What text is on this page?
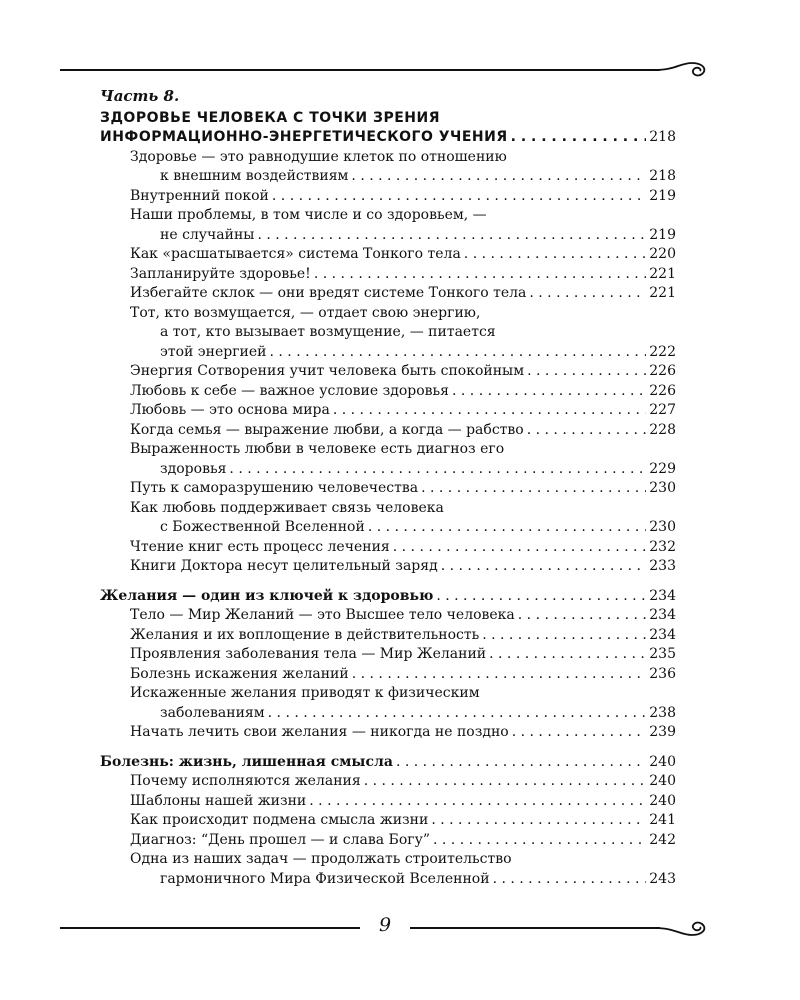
Часть 8.
ЗДОРОВЬЕ ЧЕЛОВЕКА С ТОЧКИ ЗРЕНИЯ
ИНФОРМАЦИОННО-ЭНЕРГЕТИЧЕСКОГО УЧЕНИЯ . . .	218
Здоровье — это равнодушие клеток по отношению
к внешним воздействиям . . .	218
Внутренний покой . . .	219
Наши проблемы, в том числе и со здоровьем, —
не случайны . . .	219
Как «расшатывается» система Тонкого тела . . .	220
Запланируйте здоровье! . . .	221
Избегайте склок — они вредят системе Тонкого тела . . .	221
Тот, кто возмущается, — отдает свою энергию,
а тот, кто вызывает возмущение, — питается
этой энергией . . .	222
Энергия Сотворения учит человека быть спокойным . . .	226
Любовь к себе — важное условие здоровья . . .	226
Любовь — это основа мира . . .	227
Когда семья — выражение любви, а когда — рабство . . .	228
Выраженность любви в человеке есть диагноз его
здоровья . . .	229
Путь к саморазрушению человечества . . .	230
Как любовь поддерживает связь человека
с Божественной Вселенной . . .	230
Чтение книг есть процесс лечения . . .	232
Книги Доктора несут целительный заряд . . .	233
Желания — один из ключей к здоровью . . .	234
Тело — Мир Желаний — это Высшее тело человека . . .	234
Желания и их воплощение в действительность . . .	234
Проявления заболевания тела — Мир Желаний . . .	235
Болезнь искажения желаний . . .	236
Искаженные желания приводят к физическим
заболеваниям . . .	238
Начать лечить свои желания — никогда не поздно . . .	239
Болезнь: жизнь, лишенная смысла . . .	240
Почему исполняются желания . . .	240
Шаблоны нашей жизни . . .	240
Как происходит подмена смысла жизни . . .	241
Диагноз: “День прошел — и слава Богу” . . .	242
Одна из наших задач — продолжать строительство
гармоничного Мира Физической Вселенной . . .	243
9
